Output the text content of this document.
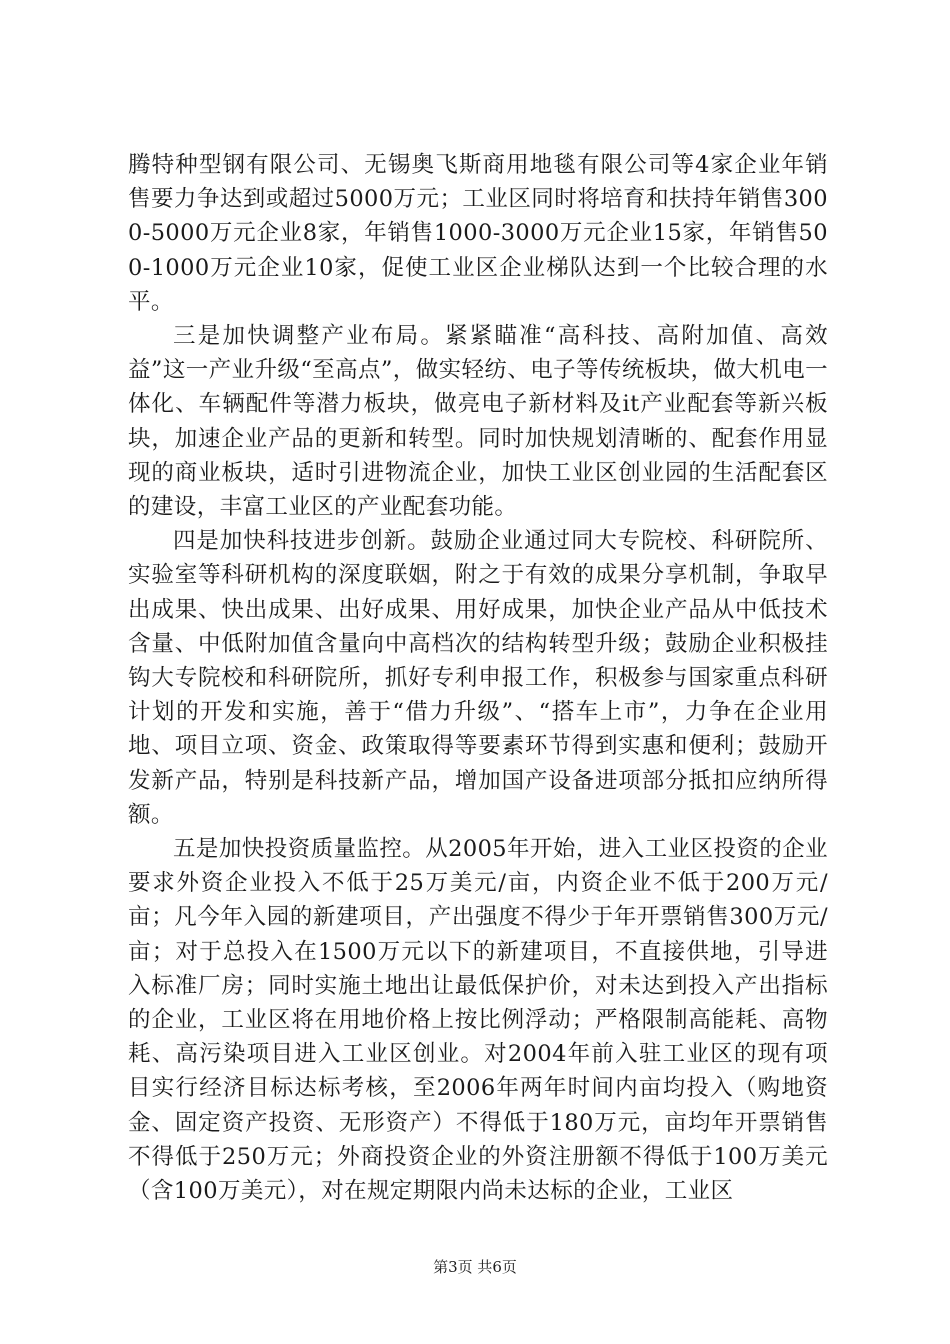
腾特种型钢有限公司、无锡奥飞斯商用地毯有限公司等4家企业年销售要力争达到或超过5000万元；工业区同时将培育和扶持年销售3000-5000万元企业8家，年销售1000-3000万元企业15家，年销售500-1000万元企业10家，促使工业区企业梯队达到一个比较合理的水平。

三是加快调整产业布局。紧紧瞄准“高科技、高附加值、高效益”这一产业升级“至高点”，做实轻纺、电子等传统板块，做大机电一体化、车辆配件等潜力板块，做亮电子新材料及it产业配套等新兴板块，加速企业产品的更新和转型。同时加快规划清晰的、配套作用显现的商业板块，适时引进物流企业，加快工业区创业园的生活配套区的建设，丰富工业区的产业配套功能。

四是加快科技进步创新。鼓励企业通过同大专院校、科研院所、实验室等科研机构的深度联姻，附之于有效的成果分享机制，争取早出成果、快出成果、出好成果、用好成果，加快企业产品从中低技术含量、中低附加值含量向中高档次的结构转型升级；鼓励企业积极挂钩大专院校和科研院所，抓好专利申报工作，积极参与国家重点科研计划的开发和实施，善于“借力升级”、“搭车上市”，力争在企业用地、项目立项、资金、政策取得等要素环节得到实惠和便利；鼓励开发新产品，特别是科技新产品，增加国产设备进项部分抵扣应纳所得额。

五是加快投资质量监控。从2005年开始，进入工业区投资的企业要求外资企业投入不低于25万美元/亩，内资企业不低于200万元/亩；凡今年入园的新建项目，产出强度不得少于年开票销售300万元/亩；对于总投入在1500万元以下的新建项目，不直接供地，引导进入标准厂房；同时实施土地出让最低保护价，对未达到投入产出指标的企业，工业区将在用地价格上按比例浮动；严格限制高能耗、高物耗、高污染项目进入工业区创业。对2004年前入驻工业区的现有项目实行经济目标达标考核，至2006年两年时间内亩均投入（购地资金、固定资产投资、无形资产）不得低于180万元，亩均年开票销售不得低于250万元；外商投资企业的外资注册额不得低于100万美元（含100万美元），对在规定期限内尚未达标的企业，工业区

第3页 共6页
